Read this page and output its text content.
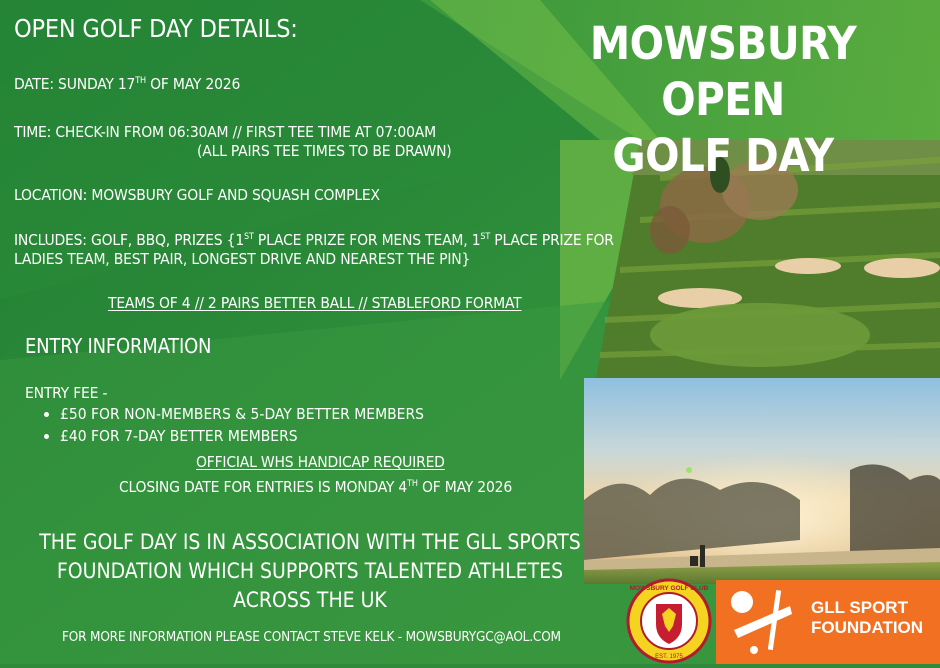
MOWSBURY OPEN
GOLF DAY
OPEN GOLF DAY DETAILS:
DATE: SUNDAY 17TH OF MAY 2026
TIME: CHECK-IN FROM 06:30AM // FIRST TEE TIME AT 07:00AM
(ALL PAIRS TEE TIMES TO BE DRAWN)
LOCATION: MOWSBURY GOLF AND SQUASH COMPLEX
INCLUDES: GOLF, BBQ, PRIZES {1ST PLACE PRIZE FOR MENS TEAM, 1ST PLACE PRIZE FOR
LADIES TEAM, BEST PAIR, LONGEST DRIVE AND NEAREST THE PIN}
TEAMS OF 4 // 2 PAIRS BETTER BALL // STABLEFORD FORMAT
ENTRY INFORMATION
ENTRY FEE -
• £50 FOR NON-MEMBERS & 5-DAY BETTER MEMBERS
• £40 FOR 7-DAY BETTER MEMBERS
OFFICIAL WHS HANDICAP REQUIRED
CLOSING DATE FOR ENTRIES IS MONDAY 4TH OF MAY 2026
THE GOLF DAY IS IN ASSOCIATION WITH THE GLL SPORTS FOUNDATION WHICH SUPPORTS TALENTED ATHLETES ACROSS THE UK
FOR MORE INFORMATION PLEASE CONTACT STEVE KELK - MOWSBURYGC@AOL.COM
MOWSBURY GOLF CLUB
EST. 1975
GLL SPORT
FOUNDATION
